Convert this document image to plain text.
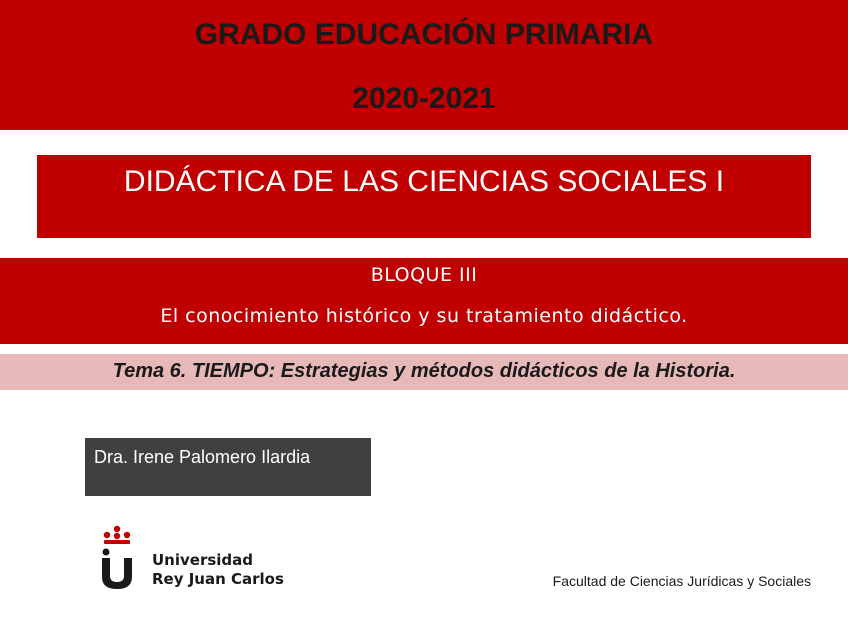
GRADO EDUCACIÓN PRIMARIA
2020-2021
DIDÁCTICA DE LAS CIENCIAS SOCIALES I
BLOQUE III
El conocimiento histórico y su tratamiento didáctico.
Tema 6. TIEMPO: Estrategias y métodos didácticos de la Historia.
Dra. Irene Palomero Ilardia
Universidad
Rey Juan Carlos	Facultad de Ciencias Jurídicas y Sociales
